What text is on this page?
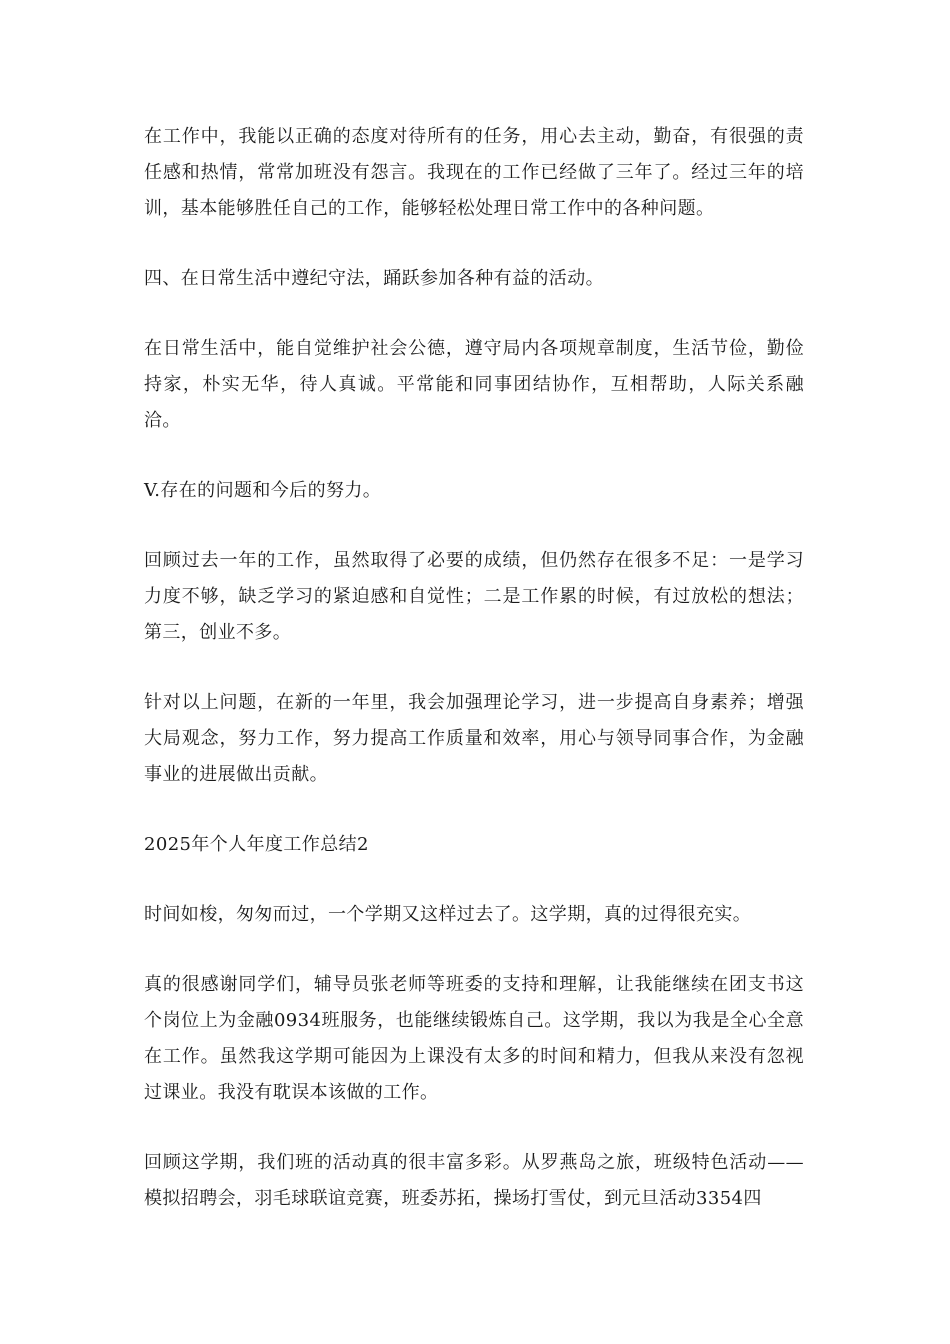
在工作中，我能以正确的态度对待所有的任务，用心去主动，勤奋，有很强的责任感和热情，常常加班没有怨言。我现在的工作已经做了三年了。经过三年的培训，基本能够胜任自己的工作，能够轻松处理日常工作中的各种问题。

四、在日常生活中遵纪守法，踊跃参加各种有益的活动。

在日常生活中，能自觉维护社会公德，遵守局内各项规章制度，生活节俭，勤俭持家，朴实无华，待人真诚。平常能和同事团结协作，互相帮助，人际关系融洽。

V.存在的问题和今后的努力。

回顾过去一年的工作，虽然取得了必要的成绩，但仍然存在很多不足：一是学习力度不够，缺乏学习的紧迫感和自觉性；二是工作累的时候，有过放松的想法；第三，创业不多。

针对以上问题，在新的一年里，我会加强理论学习，进一步提高自身素养；增强大局观念，努力工作，努力提高工作质量和效率，用心与领导同事合作，为金融事业的进展做出贡献。

2025年个人年度工作总结2

时间如梭，匆匆而过，一个学期又这样过去了。这学期，真的过得很充实。

真的很感谢同学们，辅导员张老师等班委的支持和理解，让我能继续在团支书这个岗位上为金融0934班服务，也能继续锻炼自己。这学期，我以为我是全心全意在工作。虽然我这学期可能因为上课没有太多的时间和精力，但我从来没有忽视过课业。我没有耽误本该做的工作。

回顾这学期，我们班的活动真的很丰富多彩。从罗燕岛之旅，班级特色活动——模拟招聘会，羽毛球联谊竞赛，班委苏拓，操场打雪仗，到元旦活动3354四
